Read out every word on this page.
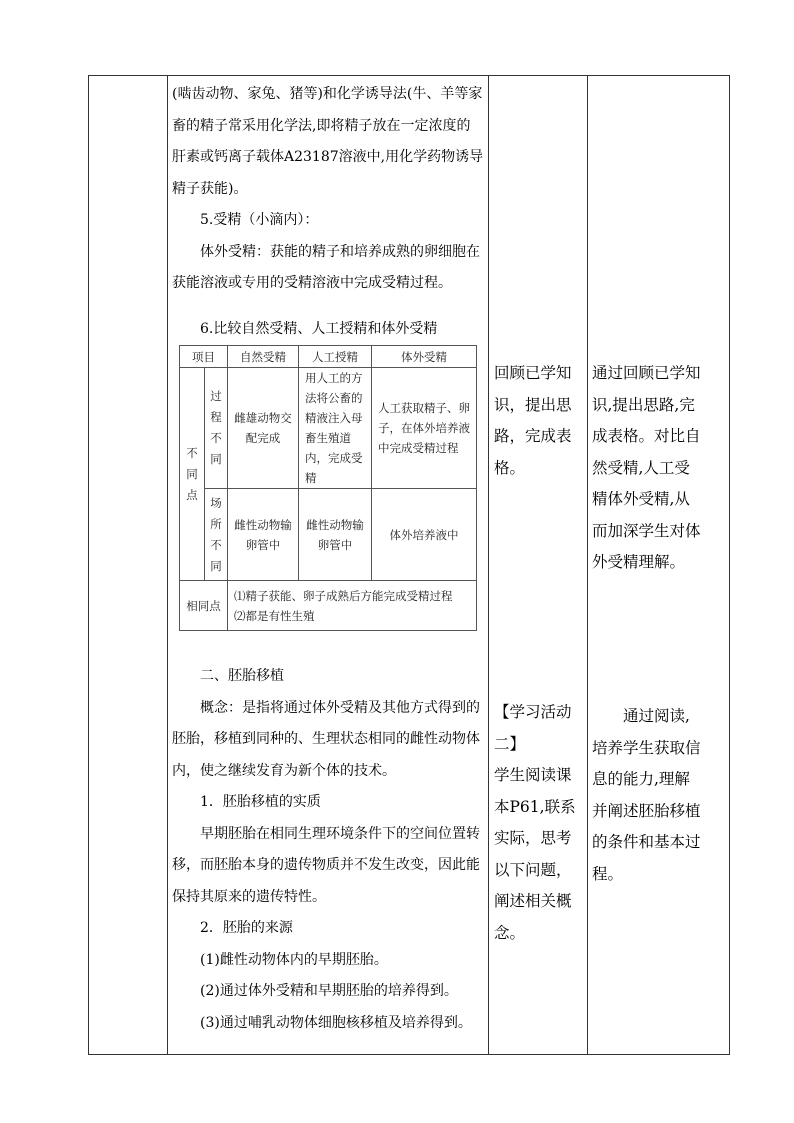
(啮齿动物、家兔、猪等)和化学诱导法(牛、羊等家畜的精子常采用化学法,即将精子放在一定浓度的肝素或钙离子载体A23187溶液中,用化学药物诱导精子获能)。

5.受精（小滴内）：

体外受精：获能的精子和培养成熟的卵细胞在获能溶液或专用的受精溶液中完成受精过程。

6.比较自然受精、人工授精和体外受精

项目		自然受精	人工授精	体外受精
不同点	过程不同	雌雄动物交配完成	用人工的方法将公畜的精液注入母畜生殖道内，完成受精	人工获取精子、卵子，在体外培养液中完成受精过程
	场所不同	雌性动物输卵管中	雌性动物输卵管中	体外培养液中
相同点		⑴精子获能、卵子成熟后方能完成受精过程
⑵都是有性生殖		

二、胚胎移植

概念：是指将通过体外受精及其他方式得到的胚胎，移植到同种的、生理状态相同的雌性动物体内，使之继续发育为新个体的技术。

1．胚胎移植的实质

早期胚胎在相同生理环境条件下的空间位置转移，而胚胎本身的遗传物质并不发生改变，因此能保持其原来的遗传特性。

2．胚胎的来源

(1)雌性动物体内的早期胚胎。

(2)通过体外受精和早期胚胎的培养得到。

(3)通过哺乳动物体细胞核移植及培养得到。

回顾已学知识，提出思路，完成表格。
【学习活动二】
学生阅读课本P61,联系实际，思考以下问题，阐述相关概念。
通过回顾已学知识,提出思路,完成表格。对比自然受精,人工受精体外受精,从而加深学生对体外受精理解。
通过阅读,培养学生获取信息的能力,理解并阐述胚胎移植的条件和基本过程。
